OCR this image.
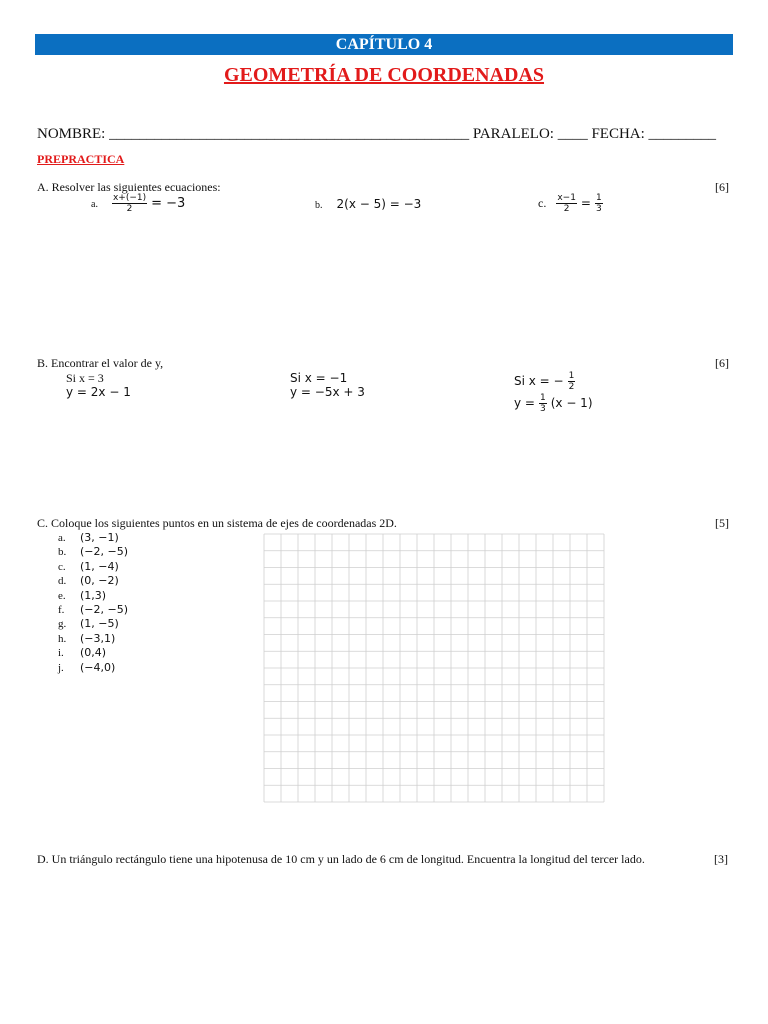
CAPÍTULO 4
GEOMETRÍA DE COORDENADAS
NOMBRE: ________________________________________________ PARALELO: ____ FECHA: _________
PREPRACTICA
A. Resolver las siguientes ecuaciones:	[6]
a. $\frac{x+(-1)}{2} = -3$	b. 2(x − 5) = −3	c. $\frac{x-1}{2} = \frac{1}{3}$
B. Encontrar el valor de y,	[6]
Si x = 3
y = 2x − 1
Si x = −1
y = −5x + 3
Si x = − $\frac{1}{2}$
$y = \frac{1}{3} (x - 1)$
C. Coloque los siguientes puntos en un sistema de ejes de coordenadas 2D.	[5]
a. (3, −1)
b. (−2, −5)
c. (1, −4)
d. (0, −2)
e. (1,3)
f. (−2, −5)
g. (1, −5)
h. (−3,1)
i. (0,4)
j. (−4,0)
D. Un triángulo rectángulo tiene una hipotenusa de 10 cm y un lado de 6 cm de longitud. Encuentra la longitud del tercer lado.	[3]
